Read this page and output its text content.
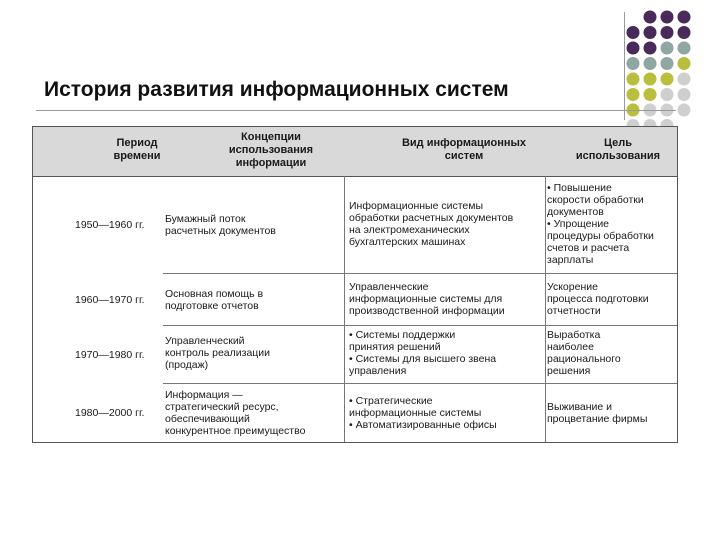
История развития информационных систем
Период
времени
Концепции
использования
информации
Вид информационных
систем
Цель
использования
1950—1960 гг. Бумажный поток
расчетных документов
Информационные системы
обработки расчетных документов
на электромеханических
бухгалтерских машинах
• Повышение
скорости обработки
документов
• Упрощение
процедуры обработки
счетов и расчета
зарплаты
1960—1970 гг. Основная помощь в
подготовке отчетов
Управленческие
информационные системы для
производственной информации
Ускорение
процесса подготовки
отчетности
1970—1980 гг.
Управленческий
контроль реализации
(продаж)
• Системы поддержки
принятия решений
• Системы для высшего звена
управления
Выработка
наиболее
рационального
решения
1980—2000 гг.
Информация —
стратегический ресурс,
обеспечивающий
конкурентное преимущество
• Стратегические
информационные системы
• Автоматизированные офисы
Выживание и
процветание фирмы
